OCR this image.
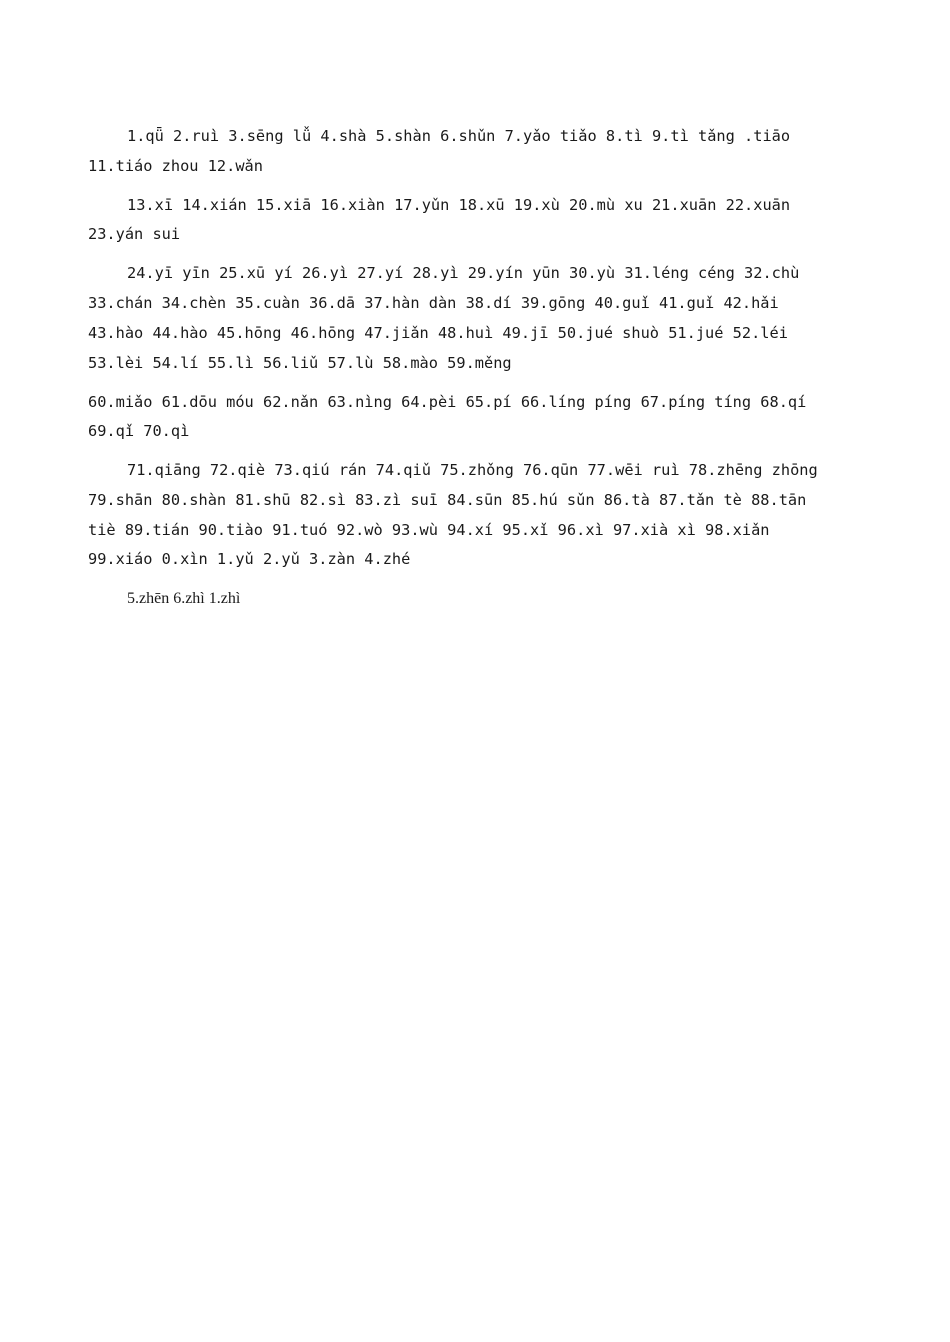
1.qǖ 2.ruì 3.sēng lǚ 4.shà 5.shàn 6.shǔn 7.yǎo tiǎo 8.tì 9.tì tǎng .tiāo
11.tiáo zhou 12.wǎn

13.xī 14.xián 15.xiā 16.xiàn 17.yǔn 18.xū 19.xù 20.mù xu 21.xuān 22.xuān
23.yán sui

24.yī yīn 25.xū yí 26.yì 27.yí 28.yì 29.yín yūn 30.yù 31.léng céng 32.chù
33.chán 34.chèn 35.cuàn 36.dā 37.hàn dàn 38.dí 39.gōng 40.guǐ 41.guǐ 42.hǎi
43.hào 44.hào 45.hōng 46.hōng 47.jiǎn 48.huì 49.jī 50.jué shuò 51.jué 52.léi
53.lèi 54.lí 55.lì 56.liǔ 57.lù 58.mào 59.měng

60.miǎo 61.dōu móu 62.nǎn 63.nìng 64.pèi 65.pí 66.líng píng 67.píng tíng 68.qí
69.qǐ 70.qì

71.qiāng 72.qiè 73.qiú rán 74.qiǔ 75.zhǒng 76.qūn 77.wēi ruì 78.zhēng zhōng
79.shān 80.shàn 81.shū 82.sì 83.zì suī 84.sūn 85.hú sǔn 86.tà 87.tǎn tè 88.tān
tiè 89.tián 90.tiào 91.tuó 92.wò 93.wù 94.xí 95.xǐ 96.xì 97.xià xì 98.xiǎn
99.xiáo 0.xìn 1.yǔ 2.yǔ 3.zàn 4.zhé

5.zhēn 6.zhì 1.zhì
